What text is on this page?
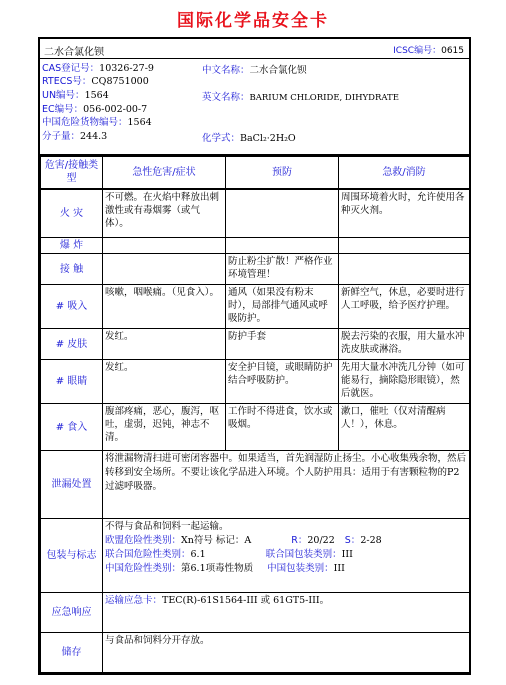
国际化学品安全卡
二水合氯化钡	ICSC编号：0615
CAS登记号：10326-27-9
RTECS号：CQ8751000
UN编号：1564
EC编号：056-002-00-7
中国危险货物编号：1564
分子量：244.3
中文名称：二水合氯化钡
英文名称：BARIUM CHLORIDE, DIHYDRATE
化学式：BaCl₂·2H₂O
危害/接触类型	急性危害/症状	预防	急救/消防
火 灾	不可燃。在火焰中释放出刺激性或有毒烟雾（或气体）。		周围环境着火时，允许使用各种灭火剂。
爆 炸			
接 触		防止粉尘扩散！严格作业环境管理！	
# 吸入	咳嗽，咽喉痛。（见食入）。	通风（如果没有粉末时），局部排气通风或呼吸防护。	新鲜空气，休息，必要时进行人工呼吸，给予医疗护理。
# 皮肤	发红。	防护手套	脱去污染的衣服，用大量水冲洗皮肤或淋浴。
# 眼睛	发红。	安全护目镜，或眼睛防护结合呼吸防护。	先用大量水冲洗几分钟（如可能易行，摘除隐形眼镜），然后就医。
# 食入	腹部疼痛，恶心，腹泻，呕吐，虚弱，迟钝，神志不清。	工作时不得进食，饮水或吸烟。	漱口，催吐（仅对清醒病人！），休息。
泄漏处置	将泄漏物清扫进可密闭容器中。如果适当，首先润湿防止扬尘。小心收集残余物，然后转移到安全场所。不要让该化学品进入环境。个人防护用具：适用于有害颗粒物的P2过滤呼吸器。		
包装与标志	不得与食品和饲料一起运输。
欧盟危险性类别：Xn符号 标记：A R：20/22 S：2-28
联合国危险性类别：6.1 联合国包装类别：III
中国危险性类别：第6.1项毒性物质 中国包装类别：III		

应急响应	运输应急卡：TEC(R)-61S1564-III 或 61GT5-III。		
储存	与食品和饲料分开存放。		
